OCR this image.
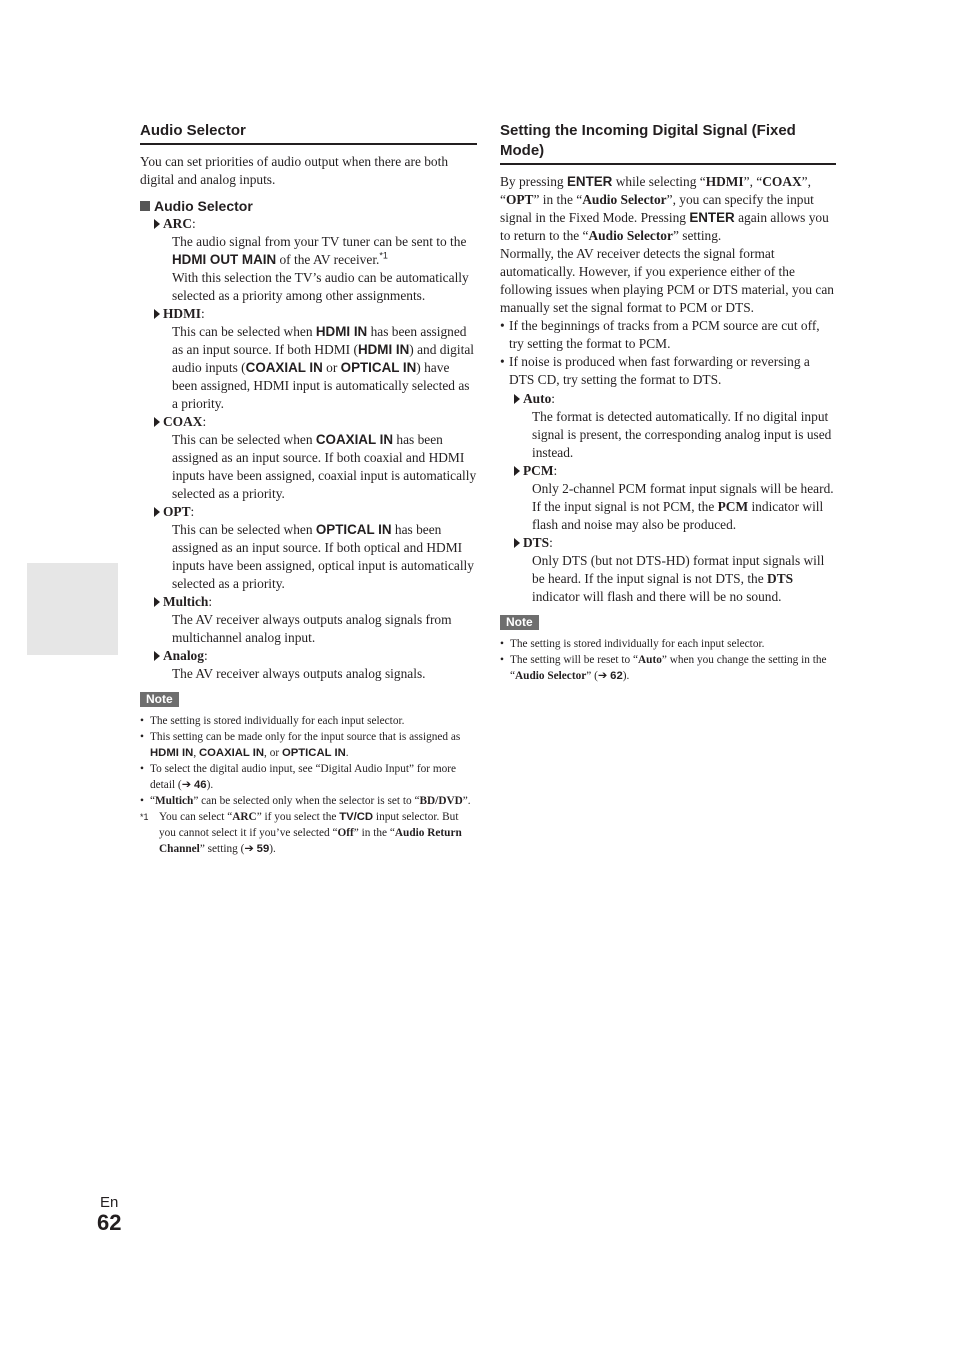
Audio Selector

You can set priorities of audio output when there are both digital and analog inputs.

Audio Selector
ARC:
The audio signal from your TV tuner can be sent to the HDMI OUT MAIN of the AV receiver.$^{*1}$
With this selection the TV’s audio can be automatically selected as a priority among other assignments.
HDMI:
This can be selected when HDMI IN has been assigned as an input source. If both HDMI (HDMI IN) and digital audio inputs (COAXIAL IN or OPTICAL IN) have been assigned, HDMI input is automatically selected as a priority.
COAX:
This can be selected when COAXIAL IN has been assigned as an input source. If both coaxial and HDMI inputs have been assigned, coaxial input is automatically selected as a priority.
OPT:
This can be selected when OPTICAL IN has been assigned as an input source. If both optical and HDMI inputs have been assigned, optical input is automatically selected as a priority.
Multich:
The AV receiver always outputs analog signals from multichannel analog input.
Analog:
The AV receiver always outputs analog signals.
Note
• The setting is stored individually for each input selector.
• This setting can be made only for the input source that is assigned as HDMI IN, COAXIAL IN, or OPTICAL IN.
• To select the digital audio input, see “Digital Audio Input” for more detail (➔ 46).
• “Multich” can be selected only when the selector is set to “BD/DVD”.
*1 You can select “ARC” if you select the TV/CD input selector. But you cannot select it if you’ve selected “Off” in the “Audio Return Channel” setting (➔ 59).
Setting the Incoming Digital Signal (Fixed Mode)

By pressing ENTER while selecting “HDMI”, “COAX”, “OPT” in the “Audio Selector”, you can specify the input signal in the Fixed Mode. Pressing ENTER again allows you to return to the “Audio Selector” setting.

Normally, the AV receiver detects the signal format automatically. However, if you experience either of the following issues when playing PCM or DTS material, you can manually set the signal format to PCM or DTS.

• If the beginnings of tracks from a PCM source are cut off, try setting the format to PCM.
• If noise is produced when fast forwarding or reversing a DTS CD, try setting the format to DTS.
Auto:
The format is detected automatically. If no digital input signal is present, the corresponding analog input is used instead.
PCM:
Only 2-channel PCM format input signals will be heard. If the input signal is not PCM, the PCM indicator will flash and noise may also be produced.
DTS:
Only DTS (but not DTS-HD) format input signals will be heard. If the input signal is not DTS, the DTS indicator will flash and there will be no sound.
Note
• The setting is stored individually for each input selector.
• The setting will be reset to “Auto” when you change the setting in the “Audio Selector” (➔ 62).
En
62
